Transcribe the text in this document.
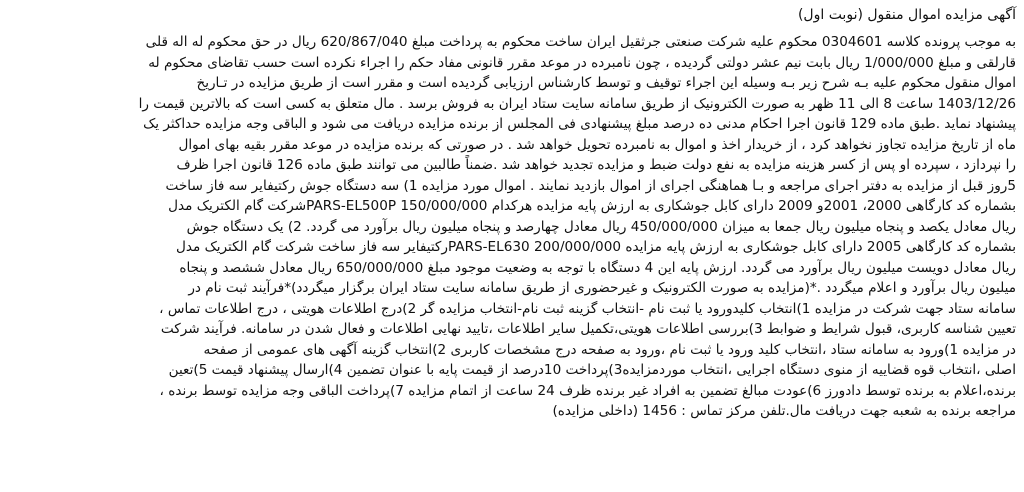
آگهی مزایده اموال منقول (نوبت اول)
به موجب پرونده کلاسه 0304601 محکوم علیه شرکت صنعتی جرثقیل ایران ساخت محکوم به پرداخت مبلغ 620/867/040 ریال در حق محکوم له اله قلی
قارلقی و مبلغ 1/000/000 ریال بابت نیم عشر دولتی گردیده ، چون نامبرده در موعد مقرر قانونی مفاد حکم را اجراء نکرده است حسب تقاضای محکوم له
اموال منقول محکوم علیه بـه شرح زیر بـه وسیله این اجراء توقیف و توسط کارشناس ارزیابی گردیده است و مقرر است از طریق مزایده در تـاریخ
1403/12/26 ساعت 8 الی 11 ظهر به صورت الکترونیک از طریق سامانه سایت ستاد ایران به فروش برسد . مال متعلق به کسی است که بالاترین قیمت را
پیشنهاد نماید .طبق ماده 129 قانون اجرا احکام مدنی ده درصد مبلغ پیشنهادی فی المجلس از برنده مزایده دریافت می شود و الباقی وجه مزایده حداکثر یک
ماه از تاریخ مزایده تجاوز نخواهد کرد ، از خریدار اخذ و اموال به نامبرده تحویل خواهد شد . در صورتی که برنده مزایده در موعد مقرر بقیه بهای اموال
را نپردازد ، سپرده او پس از کسر هزینه مزایده به نفع دولت ضبط و مزایده تجدید خواهد شد .ضمناً طالبین می توانند طبق ماده 126 قانون اجرا ظرف
5روز قبل از مزایده به دفتر اجرای مراجعه و بـا هماهنگی اجرای از اموال بازدید نمایند . اموال مورد مزایده 1) سه دستگاه جوش رکتیفایر سه فاز ساخت
بشماره کد کارگاهی 2000، 2001و 2009 دارای کابل جوشکاری به ارزش پایه مزایده هرکدام 150/000/000 PARS-EL500Pشرکت گام الکتریک مدل
ریال معادل یکصد و پنجاه میلیون ریال جمعا به میزان 450/000/000 ریال معادل چهارصد و پنجاه میلیون ریال برآورد می گردد. 2) یک دستگاه جوش
بشماره کد کارگاهی 2005 دارای کابل جوشکاری به ارزش پایه مزایده 200/000/000 PARS-EL630رکتیفایر سه فاز ساخت شرکت گام الکتریک مدل
ریال معادل دویست میلیون ریال برآورد می گردد. ارزش پایه این 4 دستگاه با توجه به وضعیت موجود مبلغ 650/000/000 ریال معادل ششصد و پنجاه
میلیون ریال برآورد و اعلام میگردد .*(مزایده به صورت الکترونیک و غیرحضوری از طریق سامانه سایت ستاد ایران برگزار میگردد)*فرآیند ثبت نام در
سامانه ستاد جهت شرکت در مزایده 1)انتخاب کلیدورود یا ثبت نام -انتخاب گزینه ثبت نام-انتخاب مزایده گر 2)درج اطلاعات هویتی ، درج اطلاعات تماس ،
تعیین شناسه کاربری، قبول شرایط و ضوابط 3)بررسی اطلاعات هویتی،تکمیل سایر اطلاعات ،تایید نهایی اطلاعات و فعال شدن در سامانه. فرآیند شرکت
در مزایده 1)ورود به سامانه ستاد ،انتخاب کلید ورود یا ثبت نام ،ورود به صفحه درج مشخصات کاربری 2)انتخاب گزینه آگهی های عمومی از صفحه
اصلی ،انتخاب قوه قضاییه از منوی دستگاه اجرایی ،انتخاب موردمزایده3)پرداخت 10درصد از قیمت پایه با عنوان تضمین 4)ارسال پیشنهاد قیمت 5)تعین
برنده،اعلام به برنده توسط دادورز 6)عودت مبالغ تضمین به افراد غیر برنده ظرف 24 ساعت از اتمام مزایده 7)پرداخت الباقی وجه مزایده توسط برنده ،
مراجعه برنده به شعبه جهت دریافت مال.تلفن مرکز تماس : 1456 (داخلی مزایده)
